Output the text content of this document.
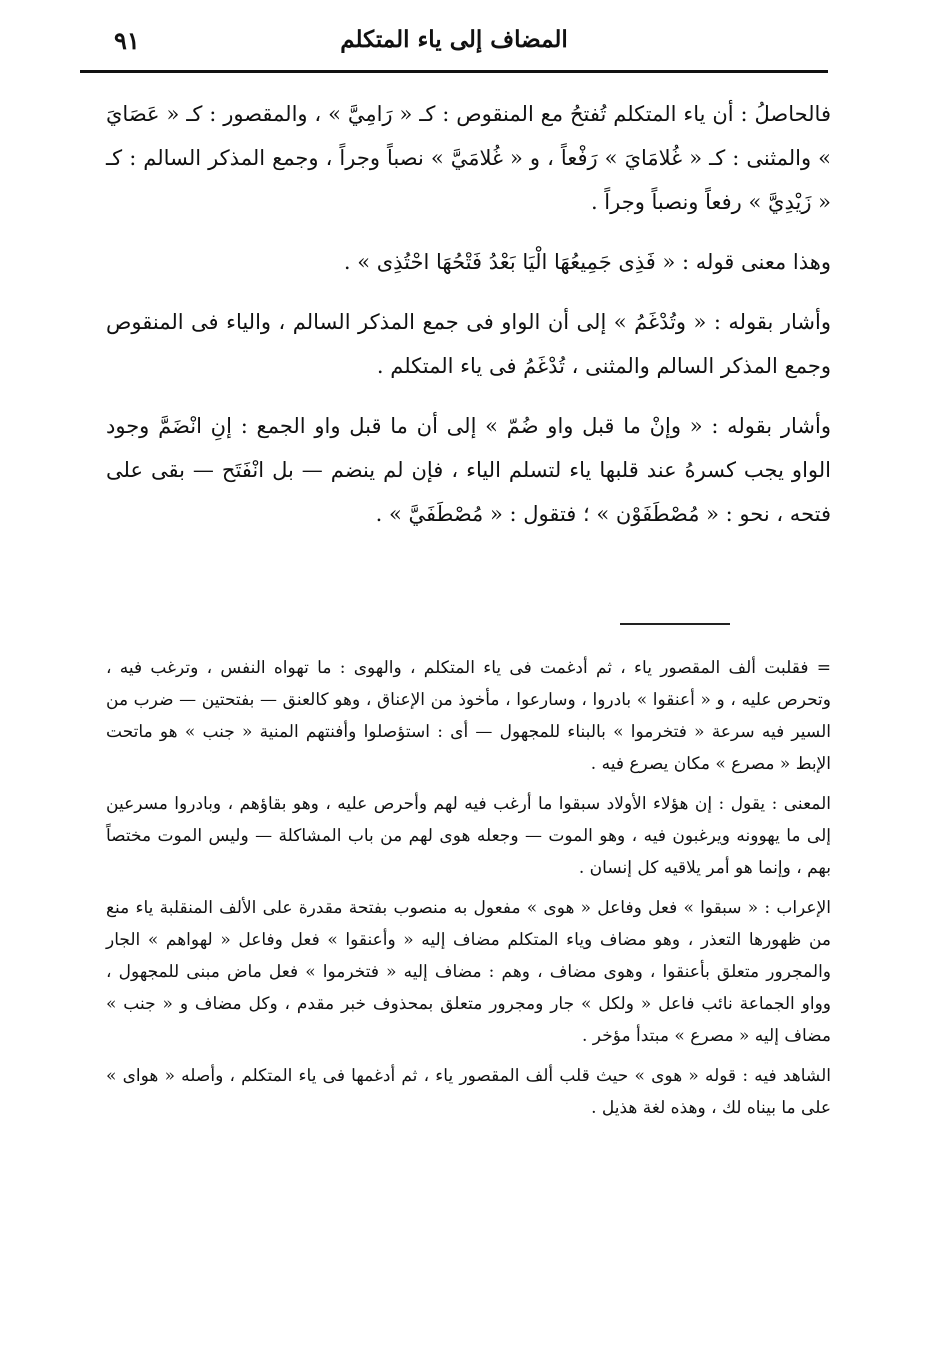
المضاف إلى ياء المتكلم
٩١

فالحاصلُ : أن ياء المتكلم تُفتحُ مع المنقوص : كـ « رَامِيَّ » ، والمقصور : كـ « عَصَايَ » والمثنى : كـ « غُلامَايَ » رَفْعاً ، و « غُلامَيَّ » نصباً وجراً ، وجمع المذكر السالم : كـ « زَيْدِيَّ » رفعاً ونصباً وجراً .

وهذا معنى قوله : « فَذِى جَمِيعُهَا الْيَا بَعْدُ فَتْحُهَا احْتُذِى » .

وأشار بقوله : « وتُدْغَمُ » إلى أن الواو فى جمع المذكر السالم ، والياء فى المنقوص وجمع المذكر السالم والمثنى ، تُدْغَمُ فى ياء المتكلم .

وأشار بقوله : « وإنْ ما قبل واو ضُمّ » إلى أن ما قبل واو الجمع : إنِ انْضَمَّ وجود الواو يجب كسرهُ عند قلبها ياء لتسلم الياء ، فإن لم ينضم — بل انْفَتَح — بقى على فتحه ، نحو : « مُصْطَفَوْن » ؛ فتقول : « مُصْطَفَيَّ » .

= فقلبت ألف المقصور ياء ، ثم أدغمت فى ياء المتكلم ، والهوى : ما تهواه النفس ، وترغب فيه ، وتحرص عليه ، و « أعنقوا » بادروا ، وسارعوا ، مأخوذ من الإعناق ، وهو كالعنق — بفتحتين — ضرب من السير فيه سرعة « فتخرموا » بالبناء للمجهول — أى : استؤصلوا وأفنتهم المنية « جنب » هو ماتحت الإبط « مصرع » مكان يصرع فيه .

المعنى : يقول : إن هؤلاء الأولاد سبقوا ما أرغب فيه لهم وأحرص عليه ، وهو بقاؤهم ، وبادروا مسرعين إلى ما يهوونه ويرغبون فيه ، وهو الموت — وجعله هوى لهم من باب المشاكلة — وليس الموت مختصاً بهم ، وإنما هو أمر يلاقيه كل إنسان .

الإعراب : « سبقوا » فعل وفاعل « هوى » مفعول به منصوب بفتحة مقدرة على الألف المنقلبة ياء منع من ظهورها التعذر ، وهو مضاف وياء المتكلم مضاف إليه « وأعنقوا » فعل وفاعل « لهواهم » الجار والمجرور متعلق بأعنقوا ، وهوى مضاف ، وهم : مضاف إليه « فتخرموا » فعل ماض مبنى للمجهول ، وواو الجماعة نائب فاعل « ولكل » جار ومجرور متعلق بمحذوف خبر مقدم ، وكل مضاف و « جنب » مضاف إليه « مصرع » مبتدأ مؤخر .

الشاهد فيه : قوله « هوى » حيث قلب ألف المقصور ياء ، ثم أدغمها فى ياء المتكلم ، وأصله « هواى » على ما بيناه لك ، وهذه لغة هذيل .
